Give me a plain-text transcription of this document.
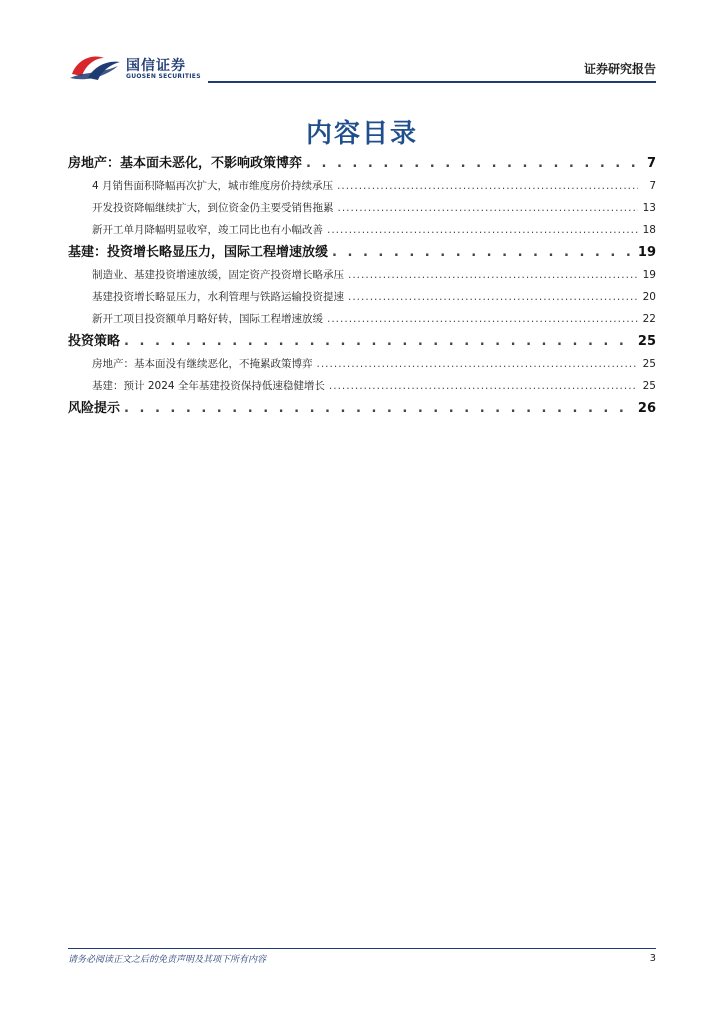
国信证券
GUOSEN SECURITIES
证券研究报告
内容目录
房地产：基本面未恶化，不影响政策博弈 . . .	7
4 月销售面积降幅再次扩大，城市维度房价持续承压 .....	7
开发投资降幅继续扩大，到位资金仍主要受销售拖累 .....	13
新开工单月降幅明显收窄，竣工同比也有小幅改善 .....	18
基建：投资增长略显压力，国际工程增速放缓 . . .	19
制造业、基建投资增速放缓，固定资产投资增长略承压 .....	19
基建投资增长略显压力，水利管理与铁路运输投资提速 .....	20
新开工项目投资额单月略好转，国际工程增速放缓 .....	22
投资策略 . . .	25
房地产：基本面没有继续恶化，不掩累政策博弈 .....	25
基建：预计 2024 全年基建投资保持低速稳健增长 .....	25
风险提示 . . .	26
请务必阅读正文之后的免责声明及其项下所有内容	3
